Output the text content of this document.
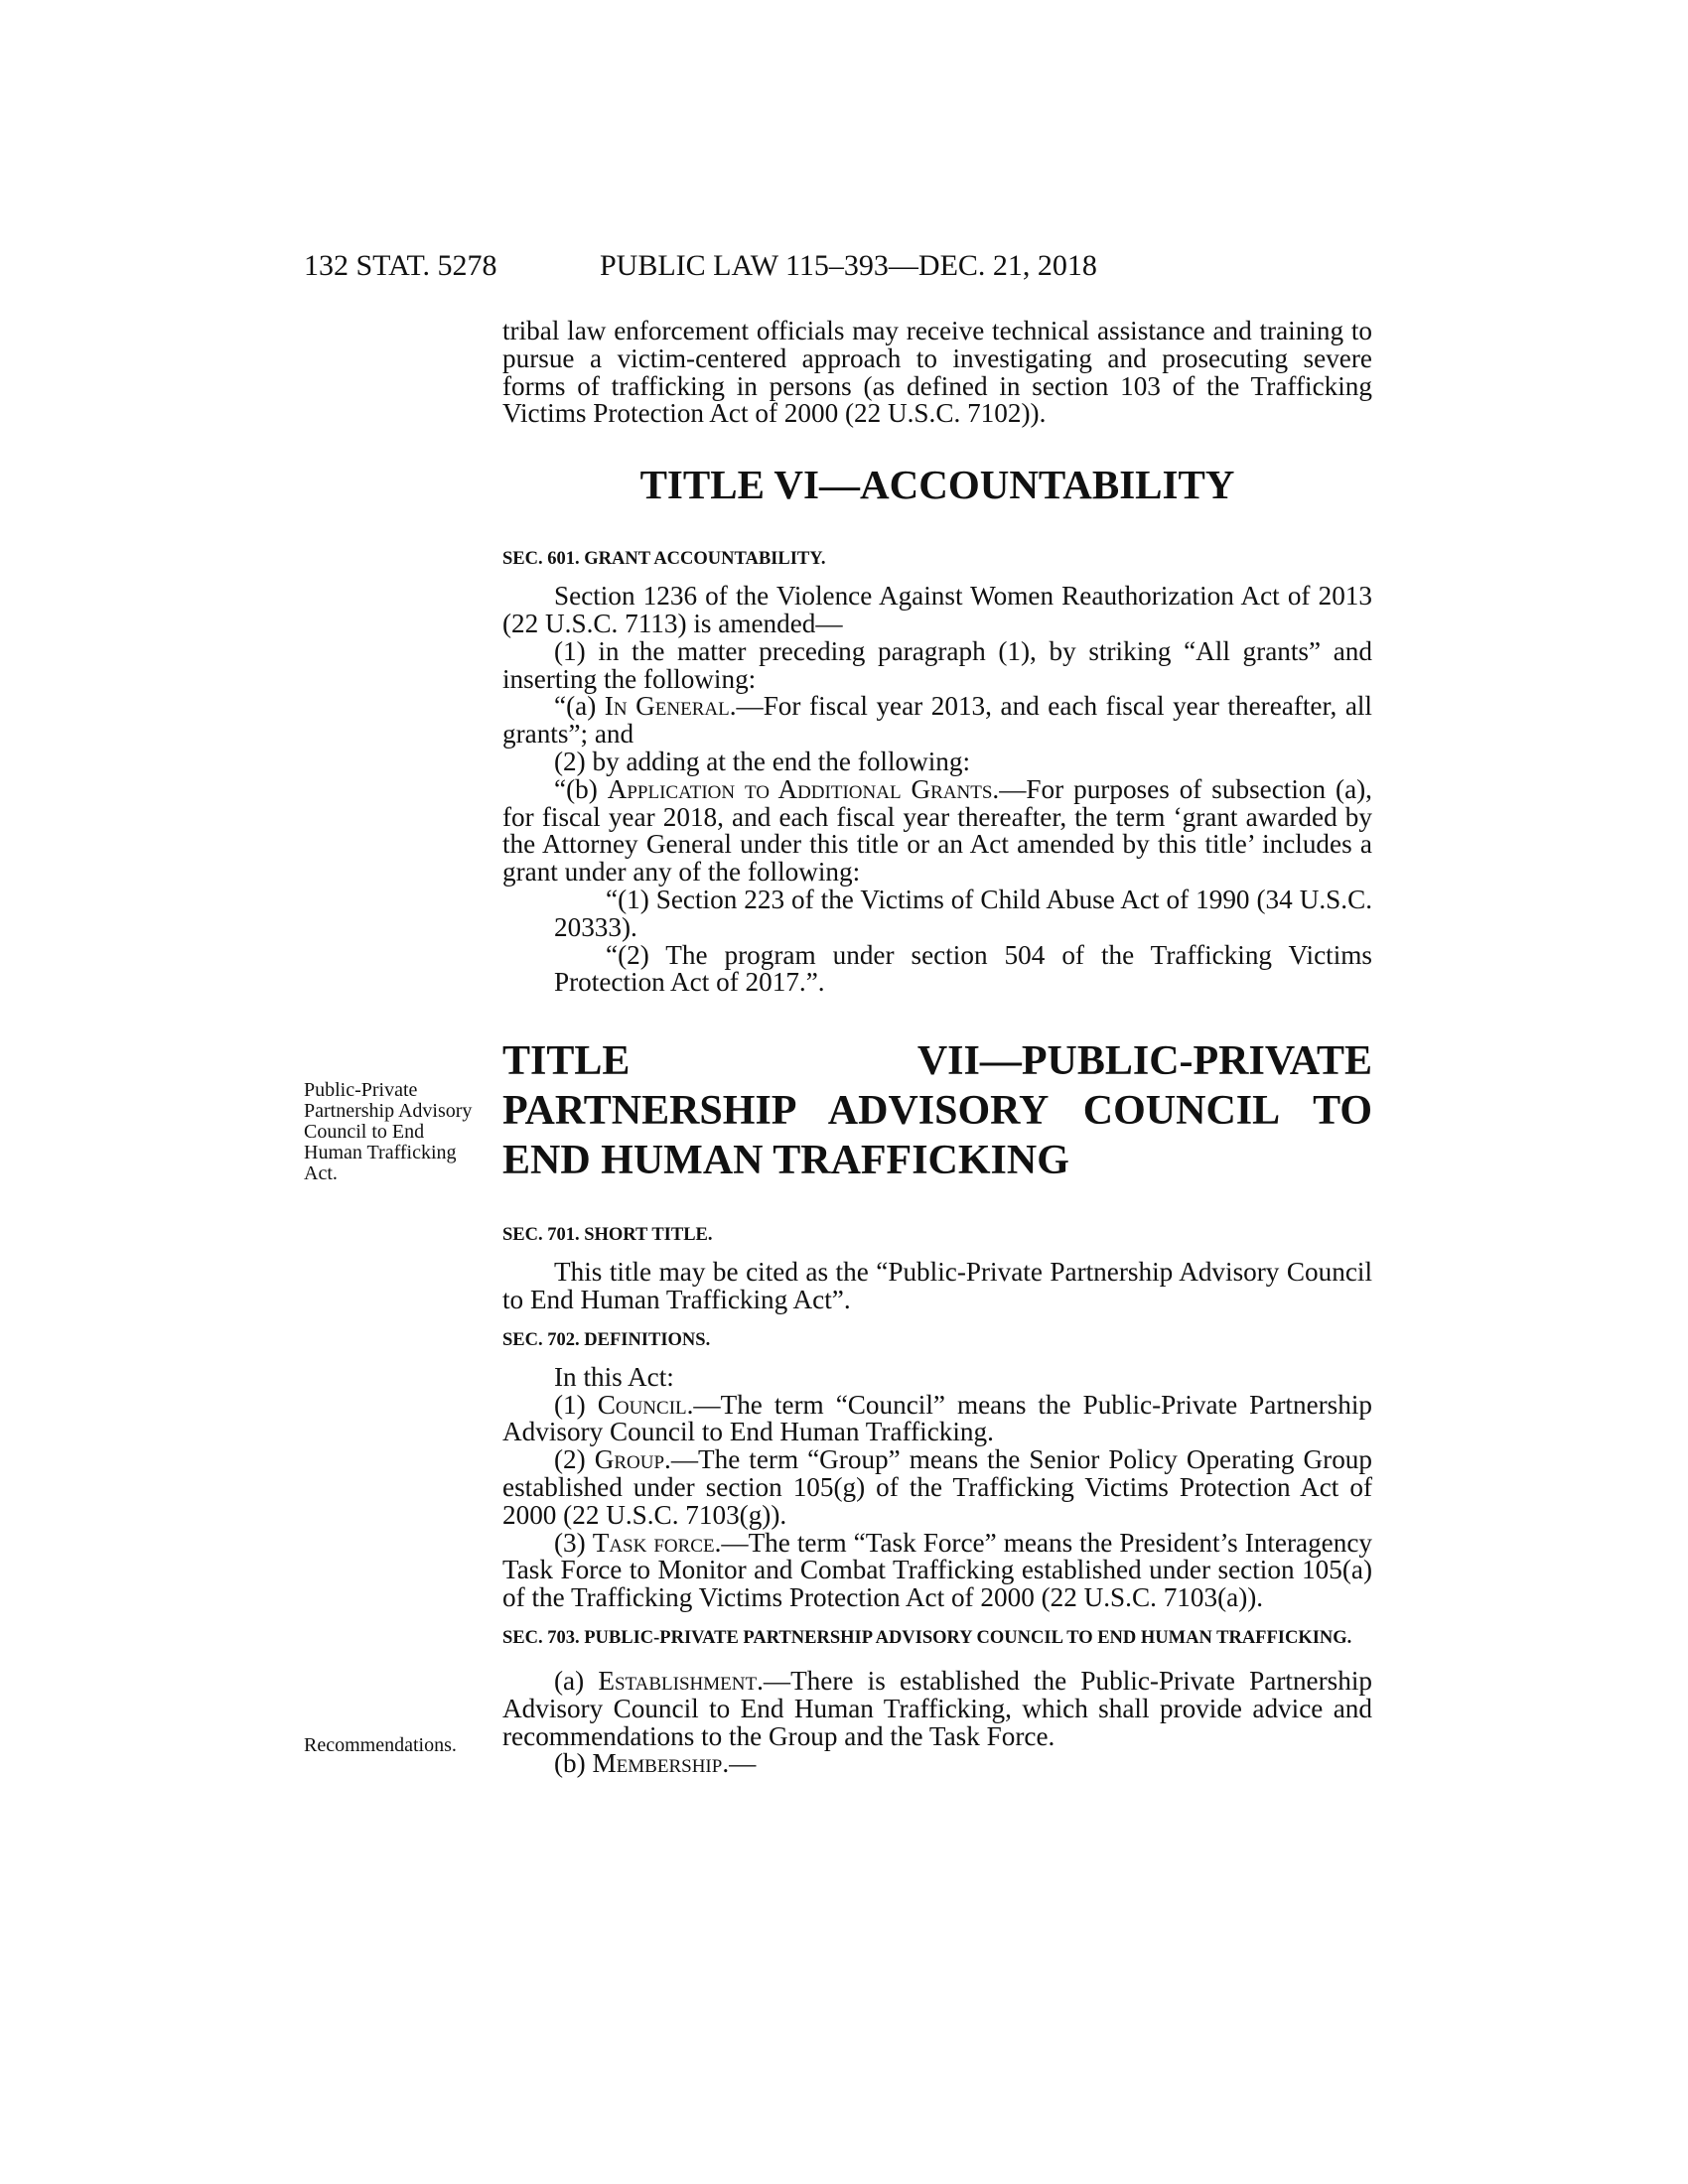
132 STAT. 5278	PUBLIC LAW 115–393—DEC. 21, 2018
Public-Private Partnership Advisory Council to End Human Trafficking Act.
Recommendations.

tribal law enforcement officials may receive technical assistance and training to pursue a victim-centered approach to investigating and prosecuting severe forms of trafficking in persons (as defined in section 103 of the Trafficking Victims Protection Act of 2000 (22 U.S.C. 7102)).

TITLE VI—ACCOUNTABILITY
SEC. 601. GRANT ACCOUNTABILITY.

Section 1236 of the Violence Against Women Reauthorization Act of 2013 (22 U.S.C. 7113) is amended—

(1) in the matter preceding paragraph (1), by striking “All grants” and inserting the following:

“(a) In General.—For fiscal year 2013, and each fiscal year thereafter, all grants”; and

(2) by adding at the end the following:

“(b) Application to Additional Grants.—For purposes of subsection (a), for fiscal year 2018, and each fiscal year thereafter, the term ‘grant awarded by the Attorney General under this title or an Act amended by this title’ includes a grant under any of the following:

“(1) Section 223 of the Victims of Child Abuse Act of 1990 (34 U.S.C. 20333).

“(2) The program under section 504 of the Trafficking Victims Protection Act of 2017.”.

TITLE VII—PUBLIC-PRIVATE PARTNERSHIP ADVISORY COUNCIL TO END HUMAN TRAFFICKING
SEC. 701. SHORT TITLE.

This title may be cited as the “Public-Private Partnership Advisory Council to End Human Trafficking Act”.

SEC. 702. DEFINITIONS.

In this Act:

(1) Council.—The term “Council” means the Public-Private Partnership Advisory Council to End Human Trafficking.

(2) Group.—The term “Group” means the Senior Policy Operating Group established under section 105(g) of the Trafficking Victims Protection Act of 2000 (22 U.S.C. 7103(g)).

(3) Task force.—The term “Task Force” means the President’s Interagency Task Force to Monitor and Combat Trafficking established under section 105(a) of the Trafficking Victims Protection Act of 2000 (22 U.S.C. 7103(a)).

SEC. 703. PUBLIC-PRIVATE PARTNERSHIP ADVISORY COUNCIL TO END HUMAN TRAFFICKING.

(a) Establishment.—There is established the Public-Private Partnership Advisory Council to End Human Trafficking, which shall provide advice and recommendations to the Group and the Task Force.

(b) Membership.—
